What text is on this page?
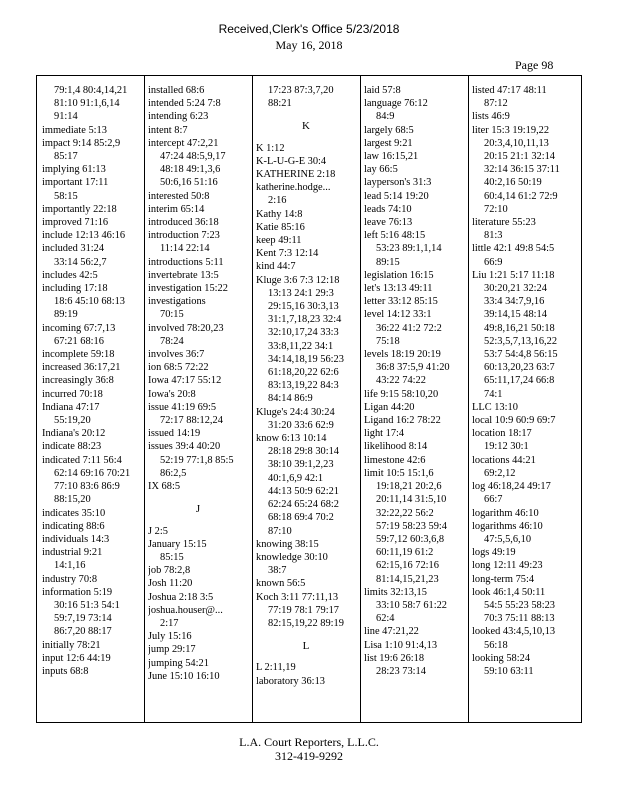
Received,Clerk's Office 5/23/2018
May 16, 2018
Page 98
79:1,4 80:4,14,21
81:10 91:1,6,14
91:14
immediate 5:13
impact 9:14 85:2,9
85:17
implying 61:13
important 17:11
58:15
importantly 22:18
improved 71:16
include 12:13 46:16
included 31:24
33:14 56:2,7
includes 42:5
including 17:18
18:6 45:10 68:13
89:19
incoming 67:7,13
67:21 68:16
incomplete 59:18
increased 36:17,21
increasingly 36:8
incurred 70:18
Indiana 47:17
55:19,20
Indiana's 20:12
indicate 88:23
indicated 7:11 56:4
62:14 69:16 70:21
77:10 83:6 86:9
88:15,20
indicates 35:10
indicating 88:6
individuals 14:3
industrial 9:21
14:1,16
industry 70:8
information 5:19
30:16 51:3 54:1
59:7,19 73:14
86:7,20 88:17
initially 78:21
input 12:6 44:19
inputs 68:8
installed 68:6
intended 5:24 7:8
intending 6:23
intent 8:7
intercept 47:2,21
47:24 48:5,9,17
48:18 49:1,3,6
50:6,16 51:16
interested 50:8
interim 65:14
introduced 36:18
introduction 7:23
11:14 22:14
introductions 5:11
invertebrate 13:5
investigation 15:22
investigations
70:15
involved 78:20,23
78:24
involves 36:7
ion 68:5 72:22
Iowa 47:17 55:12
Iowa's 20:8
issue 41:19 69:5
72:17 88:12,24
issued 14:19
issues 39:4 40:20
52:19 77:1,8 85:5
86:2,5
IX 68:5
J
J 2:5
January 15:15
85:15
job 78:2,8
Josh 11:20
Joshua 2:18 3:5
joshua.houser@...
2:17
July 15:16
jump 29:17
jumping 54:21
June 15:10 16:10
17:23 87:3,7,20
88:21
K
K 1:12
K-L-U-G-E 30:4
KATHERINE 2:18
katherine.hodge...
2:16
Kathy 14:8
Katie 85:16
keep 49:11
Kent 7:3 12:14
kind 44:7
Kluge 3:6 7:3 12:18
13:13 24:1 29:3
29:15,16 30:3,13
31:1,7,18,23 32:4
32:10,17,24 33:3
33:8,11,22 34:1
34:14,18,19 56:23
61:18,20,22 62:6
83:13,19,22 84:3
84:14 86:9
Kluge's 24:4 30:24
31:20 33:6 62:9
know 6:13 10:14
28:18 29:8 30:14
38:10 39:1,2,23
40:1,6,9 42:1
44:13 50:9 62:21
62:24 65:24 68:2
68:18 69:4 70:2
87:10
knowing 38:15
knowledge 30:10
38:7
known 56:5
Koch 3:11 77:11,13
77:19 78:1 79:17
82:15,19,22 89:19
L
L 2:11,19
laboratory 36:13
laid 57:8
language 76:12
84:9
largely 68:5
largest 9:21
law 16:15,21
lay 66:5
layperson's 31:3
lead 5:14 19:20
leads 74:10
leave 76:13
left 5:16 48:15
53:23 89:1,1,14
89:15
legislation 16:15
let's 13:13 49:11
letter 33:12 85:15
level 14:12 33:1
36:22 41:2 72:2
75:18
levels 18:19 20:19
36:8 37:5,9 41:20
43:22 74:22
life 9:15 58:10,20
Ligan 44:20
Ligand 16:2 78:22
light 17:4
likelihood 8:14
limestone 42:6
limit 10:5 15:1,6
19:18,21 20:2,6
20:11,14 31:5,10
32:22,22 56:2
57:19 58:23 59:4
59:7,12 60:3,6,8
60:11,19 61:2
62:15,16 72:16
81:14,15,21,23
limits 32:13,15
33:10 58:7 61:22
62:4
line 47:21,22
Lisa 1:10 91:4,13
list 19:6 26:18
28:23 73:14
listed 47:17 48:11
87:12
lists 46:9
liter 15:3 19:19,22
20:3,4,10,11,13
20:15 21:1 32:14
32:14 36:15 37:11
40:2,16 50:19
60:4,14 61:2 72:9
72:10
literature 55:23
81:3
little 42:1 49:8 54:5
66:9
Liu 1:21 5:17 11:18
30:20,21 32:24
33:4 34:7,9,16
39:14,15 48:14
49:8,16,21 50:18
52:3,5,7,13,16,22
53:7 54:4,8 56:15
60:13,20,23 63:7
65:11,17,24 66:8
74:1
LLC 13:10
local 10:9 60:9 69:7
location 18:17
19:12 30:1
locations 44:21
69:2,12
log 46:18,24 49:17
66:7
logarithm 46:10
logarithms 46:10
47:5,5,6,10
logs 49:19
long 12:11 49:23
long-term 75:4
look 46:1,4 50:11
54:5 55:23 58:23
70:3 75:11 88:13
looked 43:4,5,10,13
56:18
looking 58:24
59:10 63:11
L.A. Court Reporters, L.L.C.
312-419-9292
